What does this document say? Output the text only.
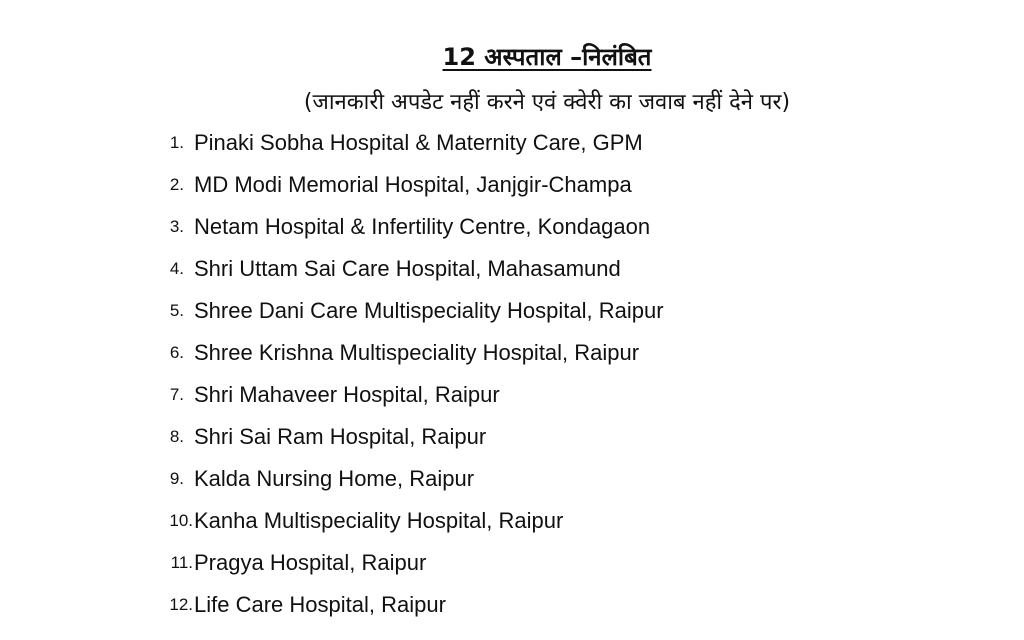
12 अस्पताल –निलंबित
(जानकारी अपडेट नहीं करने एवं क्वेरी का जवाब नहीं देने पर)
1. Pinaki Sobha Hospital & Maternity Care, GPM
2. MD Modi Memorial Hospital, Janjgir-Champa
3. Netam Hospital & Infertility Centre, Kondagaon
4. Shri Uttam Sai Care Hospital, Mahasamund
5. Shree Dani Care Multispeciality Hospital, Raipur
6. Shree Krishna Multispeciality Hospital, Raipur
7. Shri Mahaveer Hospital, Raipur
8. Shri Sai Ram Hospital, Raipur
9. Kalda Nursing Home, Raipur
10. Kanha Multispeciality Hospital, Raipur
11. Pragya Hospital, Raipur
12. Life Care Hospital, Raipur
